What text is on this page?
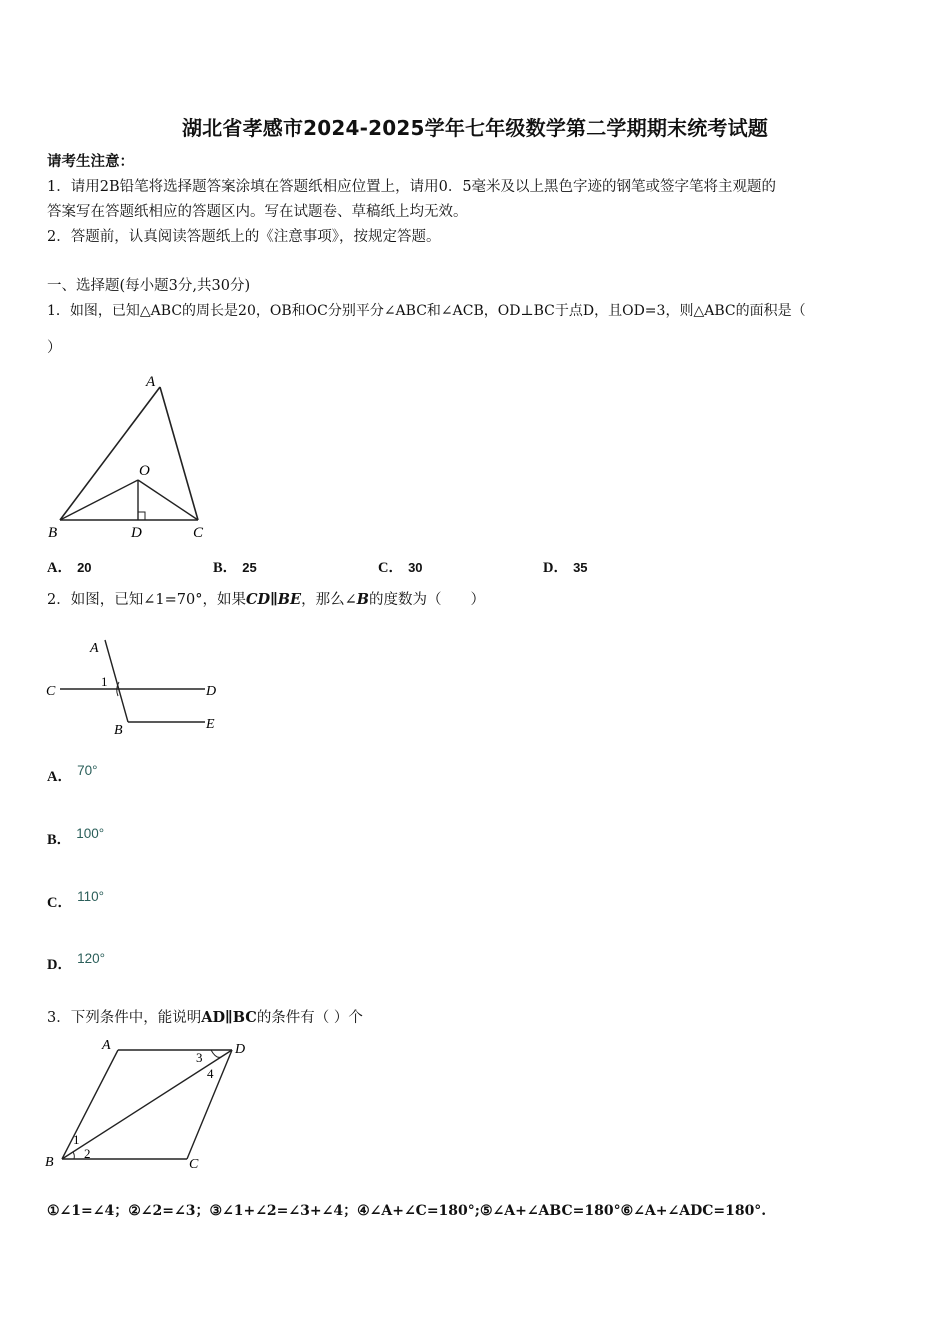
湖北省孝感市2024-2025学年七年级数学第二学期期末统考试题
请考生注意：
1．请用2B铅笔将选择题答案涂填在答题纸相应位置上，请用0．5毫米及以上黑色字迹的钢笔或签字笔将主观题的
答案写在答题纸相应的答题区内。写在试题卷、草稿纸上均无效。
2．答题前，认真阅读答题纸上的《注意事项》，按规定答题。
一、选择题(每小题3分,共30分)
1．如图，已知△ABC的周长是20，OB和OC分别平分∠ABC和∠ACB，OD⊥BC于点D，且OD=3，则△ABC的面积是（
）
A
O
B	D	C
A． 20	B． 25	C． 30	D． 35
2．如图，已知∠1=70°，如果CD∥BE，那么∠B的度数为（　　）
A
C
1
D
B	E
A． $^{70^\circ}$
B． $^{100^\circ}$
C． $^{110^\circ}$
D． $^{120^\circ}$
3．下列条件中，能说明AD∥BC的条件有（ ）个
A	D
B	C
1
2
3
4
①∠1=∠4；②∠2=∠3；③∠1+∠2=∠3+∠4；④∠A+∠C=180°;⑤∠A+∠ABC=180°⑥∠A+∠ADC=180°.
